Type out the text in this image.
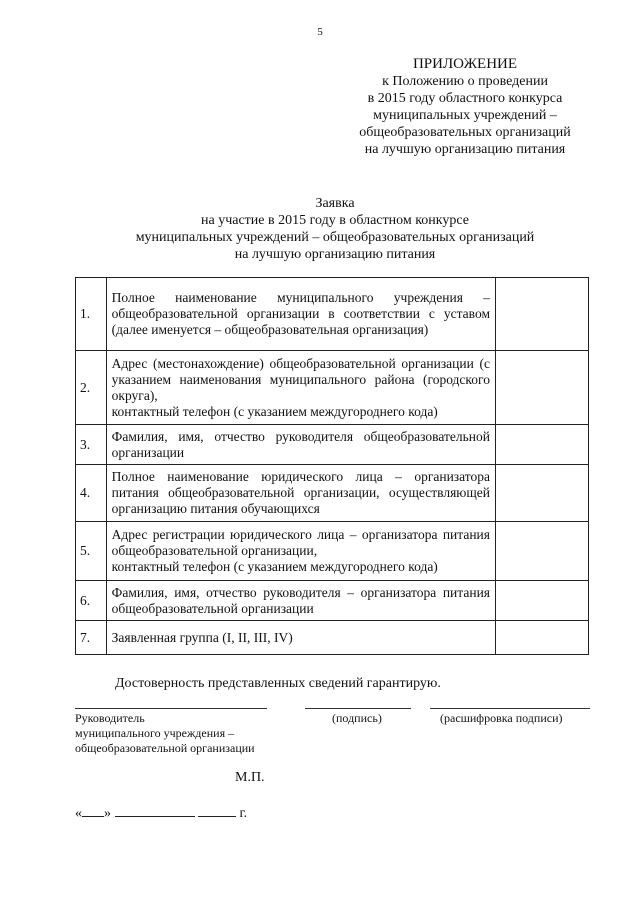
5
ПРИЛОЖЕНИЕ
к Положению о проведении
в 2015 году областного конкурса
муниципальных учреждений –
общеобразовательных организаций
на лучшую организацию питания
Заявка
на участие в 2015 году в областном конкурсе
муниципальных учреждений – общеобразовательных организаций
на лучшую организацию питания
1.	Полное наименование муниципального учреждения – общеобразовательной организации в соответствии с уставом (далее именуется – общеобразовательная организация)	
2.	Адрес (местонахождение) общеобразовательной организации (с указанием наименования муниципального района (городского округа),
контактный телефон (с указанием междугороднего кода)	

3.	Фамилия, имя, отчество руководителя общеобразовательной организации	
4.	Полное наименование юридического лица – организатора питания общеобразовательной организации, осуществляющей организацию питания обучающихся	
5.	Адрес регистрации юридического лица – организатора питания общеобразовательной организации,
контактный телефон (с указанием междугороднего кода)	

6.	Фамилия, имя, отчество руководителя – организатора питания общеобразовательной организации	
7.	Заявленная группа (I, II, III, IV)	
Достоверность представленных сведений гарантирую.
Руководитель
муниципального учреждения –
общеобразовательной организации
(подпись)	(расшифровка подписи)
М.П.
« »	г.
